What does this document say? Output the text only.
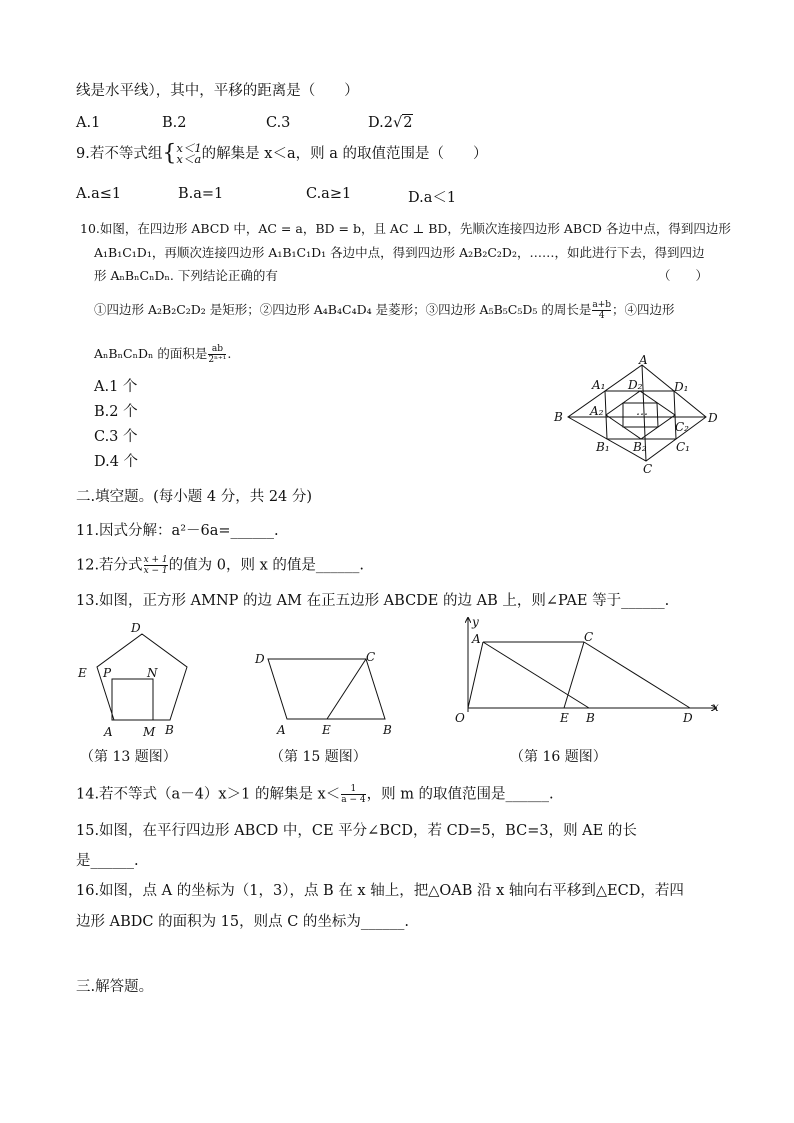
线是水平线），其中，平移的距离是（　　）
A.1	B.2	C.3	D.2√2
9.若不等式组{ x＜1
x＜a 的解集是 x＜a，则 a 的取值范围是（　　）
A.a≤1	B.a=1	C.a≥1	D.a＜1
10.如图，在四边形 ABCD 中，AC = a，BD = b，且 AC ⊥ BD，先顺次连接四边形 ABCD 各边中点，得到四边形
A₁B₁C₁D₁，再顺次连接四边形 A₁B₁C₁D₁ 各边中点，得到四边形 A₂B₂C₂D₂，……，如此进行下去，得到四边
形 AₙBₙCₙDₙ. 下列结论正确的有	（　　）
①四边形 A₂B₂C₂D₂ 是矩形；②四边形 A₄B₄C₄D₄ 是菱形；③四边形 A₅B₅C₅D₅ 的周长是 $\frac{a+b}{4}$ ；④四边形
AₙBₙCₙDₙ 的面积是 $\frac{ab}{\text{2ⁿ⁺¹}}$ .
A.1 个
B.2 个
C.3 个
D.4 个
A
B
C
D
A₁
B₁	C₁
D₁
A₂
B₂
C₂
D₂
…
二.填空题。(每小题 4 分，共 24 分)
11.因式分解：a²－6a=______.
12.若分式 $\frac{x + 1}{x - 1}$ 的值为 0，则 x 的值是______.
13.如图，正方形 AMNP 的边 AM 在正五边形 ABCDE 的边 AB 上，则∠PAE 等于______.
D
E P	N
A	M B
D	C
A	E	B
y
x
A	C
O	E B	D
（第 13 题图）	（第 15 题图）	（第 16 题图）
14.若不等式（a－4）x＞1 的解集是 $x< \frac{1}{a - 4}$ ，则 m 的取值范围是______.
15.如图，在平行四边形 ABCD 中，CE 平分∠BCD，若 CD=5，BC=3，则 AE 的长
是______.
16.如图，点 A 的坐标为（1，3），点 B 在 x 轴上，把△OAB 沿 x 轴向右平移到△ECD，若四
边形 ABDC 的面积为 15，则点 C 的坐标为______.
三.解答题。
